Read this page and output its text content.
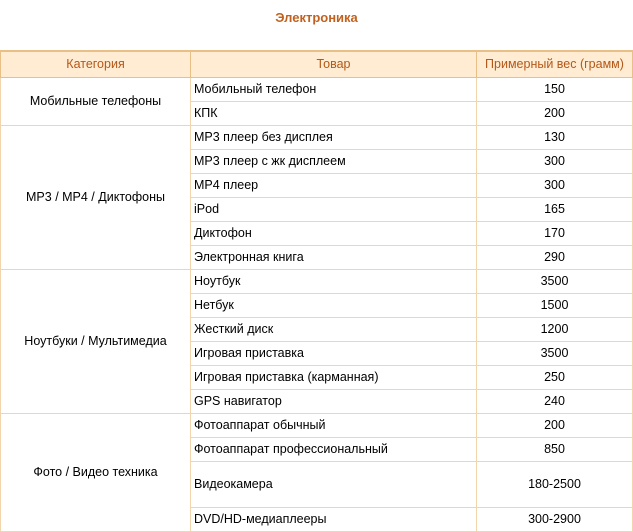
Электроника
Категория	Товар	Примерный вес (грамм)
Мобильные телефоны	Мобильный телефон	150
	КПК	200
MP3 / MP4 / Диктофоны	MP3 плеер без дисплея	130
	MP3 плеер с жк дисплеем	300
	MP4 плеер	300
	iPod	165
	Диктофон	170
	Электронная книга	290
Ноутбуки / Мультимедиа	Ноутбук	3500
	Нетбук	1500
	Жесткий диск	1200
	Игровая приставка	3500
	Игровая приставка (карманная)	250
	GPS навигатор	240
Фото / Видео техника	Фотоаппарат обычный	200
	Фотоаппарат профессиональный	850
	Видеокамера	180-2500
	DVD/HD-медиаплееры	300-2900
